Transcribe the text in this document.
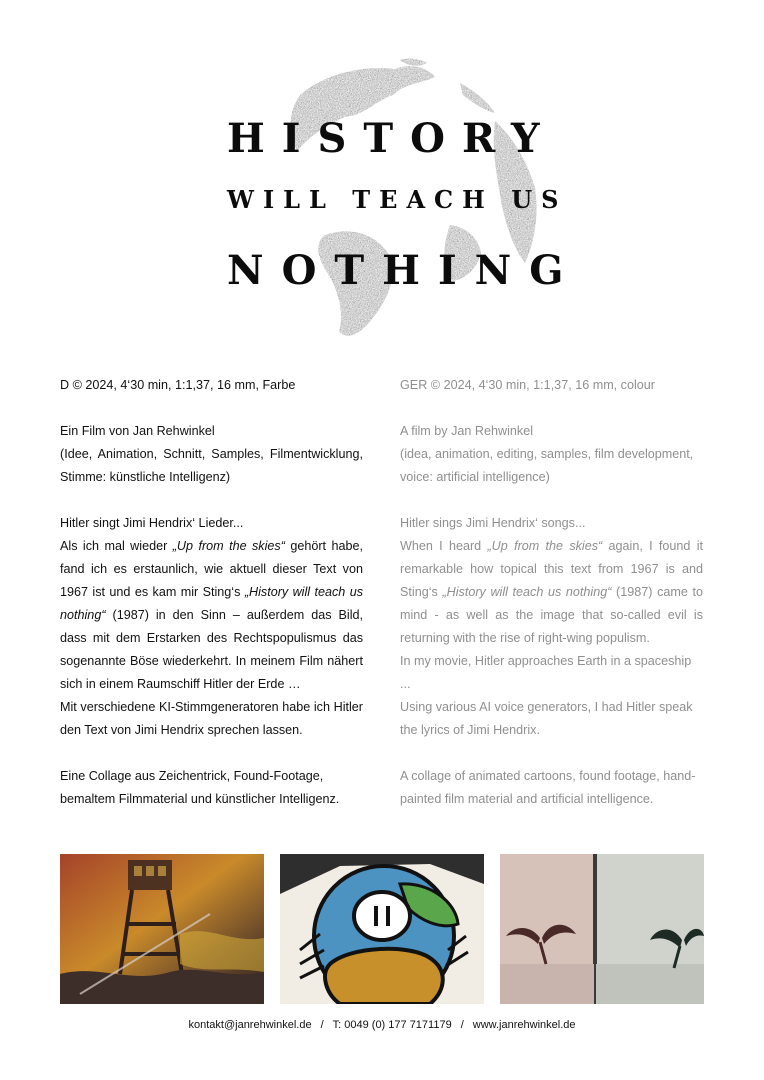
HISTORY
WILL TEACH US
NOTHING

D © 2024, 4‘30 min, 1:1,37, 16 mm, Farbe

Ein Film von Jan Rehwinkel

(Idee, Animation, Schnitt, Samples, Filmentwicklung, Stimme: künstliche Intelligenz)

Hitler singt Jimi Hendrix‘ Lieder...

Als ich mal wieder „Up from the skies“ gehört habe, fand ich es erstaunlich, wie aktuell dieser Text von 1967 ist und es kam mir Sting‘s „History will teach us nothing“ (1987) in den Sinn – außerdem das Bild, dass mit dem Erstarken des Rechtspopulismus das sogenannte Böse wiederkehrt. In meinem Film nähert sich in einem Raumschiff Hitler der Erde …

Mit verschiedene KI-Stimmgeneratoren habe ich Hitler den Text von Jimi Hendrix sprechen lassen.

Eine Collage aus Zeichentrick, Found-Footage, bemaltem Filmmaterial und künstlicher Intelligenz.

GER © 2024, 4‘30 min, 1:1,37, 16 mm, colour

A film by Jan Rehwinkel

(idea, animation, editing, samples, film development, voice: artificial intelligence)

Hitler sings Jimi Hendrix‘ songs...

When I heard „Up from the skies“ again, I found it remarkable how topical this text from 1967 is and Sting‘s „History will teach us nothing“ (1987) came to mind - as well as the image that so-called evil is returning with the rise of right-wing populism.

In my movie, Hitler approaches Earth in a spaceship ...

Using various AI voice generators, I had Hitler speak the lyrics of Jimi Hendrix.

A collage of animated cartoons, found footage, hand-painted film material and artificial intelligence.

kontakt@janrehwinkel.de / T: 0049 (0) 177 7171179 / www.janrehwinkel.de
